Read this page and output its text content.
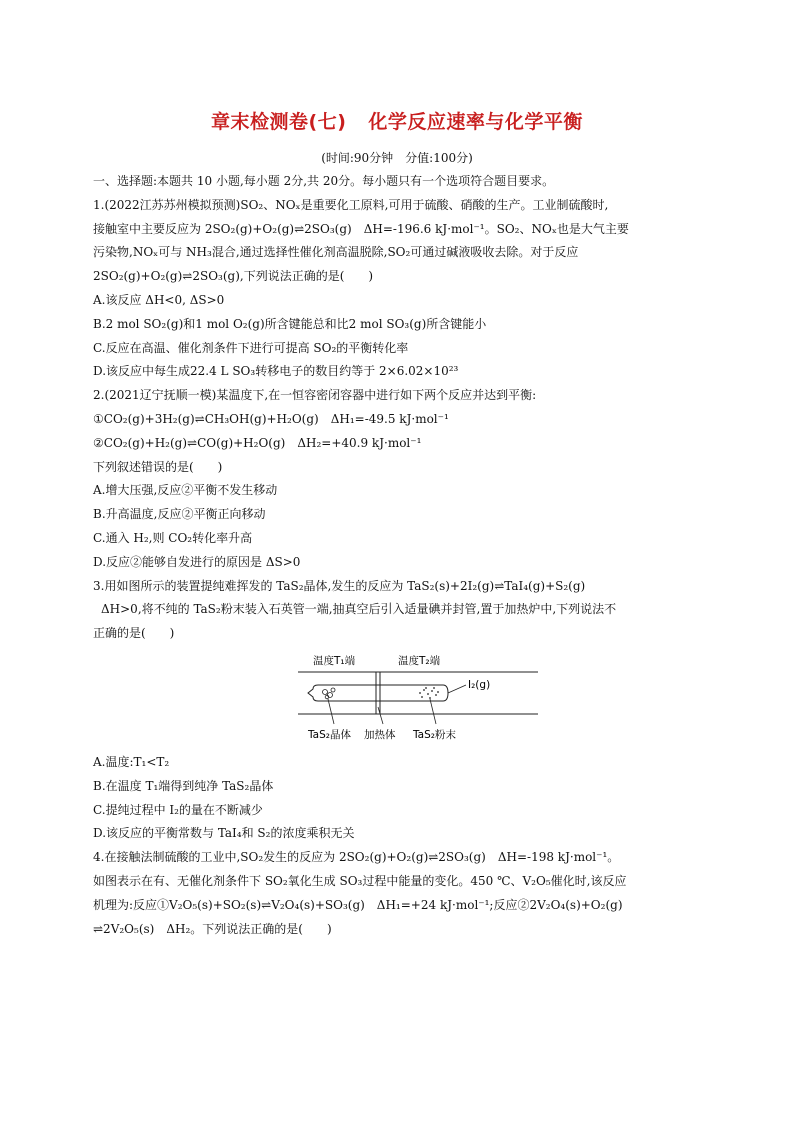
章末检测卷(七) 化学反应速率与化学平衡
(时间:90分钟　分值:100分)

一、选择题:本题共 10 小题,每小题 2分,共 20分。每小题只有一个选项符合题目要求。

1.(2022江苏苏州模拟预测)SO₂、NOₓ是重要化工原料,可用于硫酸、硝酸的生产。工业制硫酸时,

接触室中主要反应为 2SO₂(g)+O₂(g)⇌2SO₃(g)　ΔH=-196.6 kJ·mol⁻¹。SO₂、NOₓ也是大气主要

污染物,NOₓ可与 NH₃混合,通过选择性催化剂高温脱除,SO₂可通过碱液吸收去除。对于反应

2SO₂(g)+O₂(g)⇌2SO₃(g),下列说法正确的是(　　)

A.该反应 ΔH<0, ΔS>0

B.2 mol SO₂(g)和1 mol O₂(g)所含键能总和比2 mol SO₃(g)所含键能小

C.反应在高温、催化剂条件下进行可提高 SO₂的平衡转化率

D.该反应中每生成22.4 L SO₃转移电子的数目约等于 2×6.02×10²³

2.(2021辽宁抚顺一模)某温度下,在一恒容密闭容器中进行如下两个反应并达到平衡:

①CO₂(g)+3H₂(g)⇌CH₃OH(g)+H₂O(g)　ΔH₁=-49.5 kJ·mol⁻¹

②CO₂(g)+H₂(g)⇌CO(g)+H₂O(g)　ΔH₂=+40.9 kJ·mol⁻¹

下列叙述错误的是(　　)

A.增大压强,反应②平衡不发生移动

B.升高温度,反应②平衡正向移动

C.通入 H₂,则 CO₂转化率升高

D.反应②能够自发进行的原因是 ΔS>0

3.用如图所示的装置提纯难挥发的 TaS₂晶体,发生的反应为 TaS₂(s)+2I₂(g)⇌TaI₄(g)+S₂(g)

ΔH>0,将不纯的 TaS₂粉末装入石英管一端,抽真空后引入适量碘并封管,置于加热炉中,下列说法不

正确的是(　　)

温度T₁端	温度T₂端
I₂(g)
TaS₂晶体 加热体 TaS₂粉末

A.温度:T₁<T₂

B.在温度 T₁端得到纯净 TaS₂晶体

C.提纯过程中 I₂的量在不断减少

D.该反应的平衡常数与 TaI₄和 S₂的浓度乘积无关

4.在接触法制硫酸的工业中,SO₂发生的反应为 2SO₂(g)+O₂(g)⇌2SO₃(g)　ΔH=-198 kJ·mol⁻¹。

如图表示在有、无催化剂条件下 SO₂氧化生成 SO₃过程中能量的变化。450 ℃、V₂O₅催化时,该反应

机理为:反应①V₂O₅(s)+SO₂(s)⇌V₂O₄(s)+SO₃(g)　ΔH₁=+24 kJ·mol⁻¹;反应②2V₂O₄(s)+O₂(g)

⇌2V₂O₅(s)　ΔH₂。下列说法正确的是(　　)
